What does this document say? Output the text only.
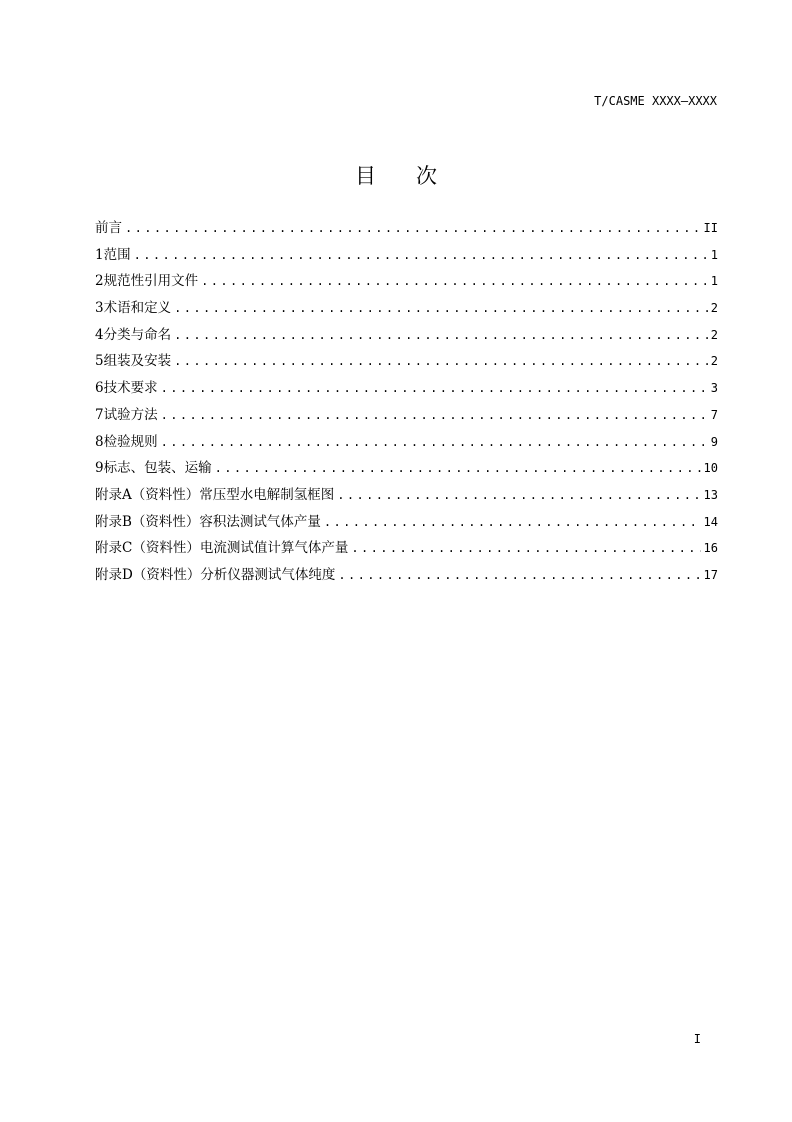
T/CASME XXXX—XXXX
目次
前言 .....	II
1 范围 .....	1
2 规范性引用文件 .....	1
3 术语和定义 .....	2
4 分类与命名 .....	2
5 组装及安装 .....	2
6 技术要求 .....	3
7 试验方法 .....	7
8 检验规则 .....	9
9 标志、包装、运输 .....	10
附录A（资料性） 常压型水电解制氢框图 .....	13
附录B（资料性） 容积法测试气体产量 .....	14
附录C（资料性） 电流测试值计算气体产量 .....	16
附录D（资料性） 分析仪器测试气体纯度 .....	17
I
